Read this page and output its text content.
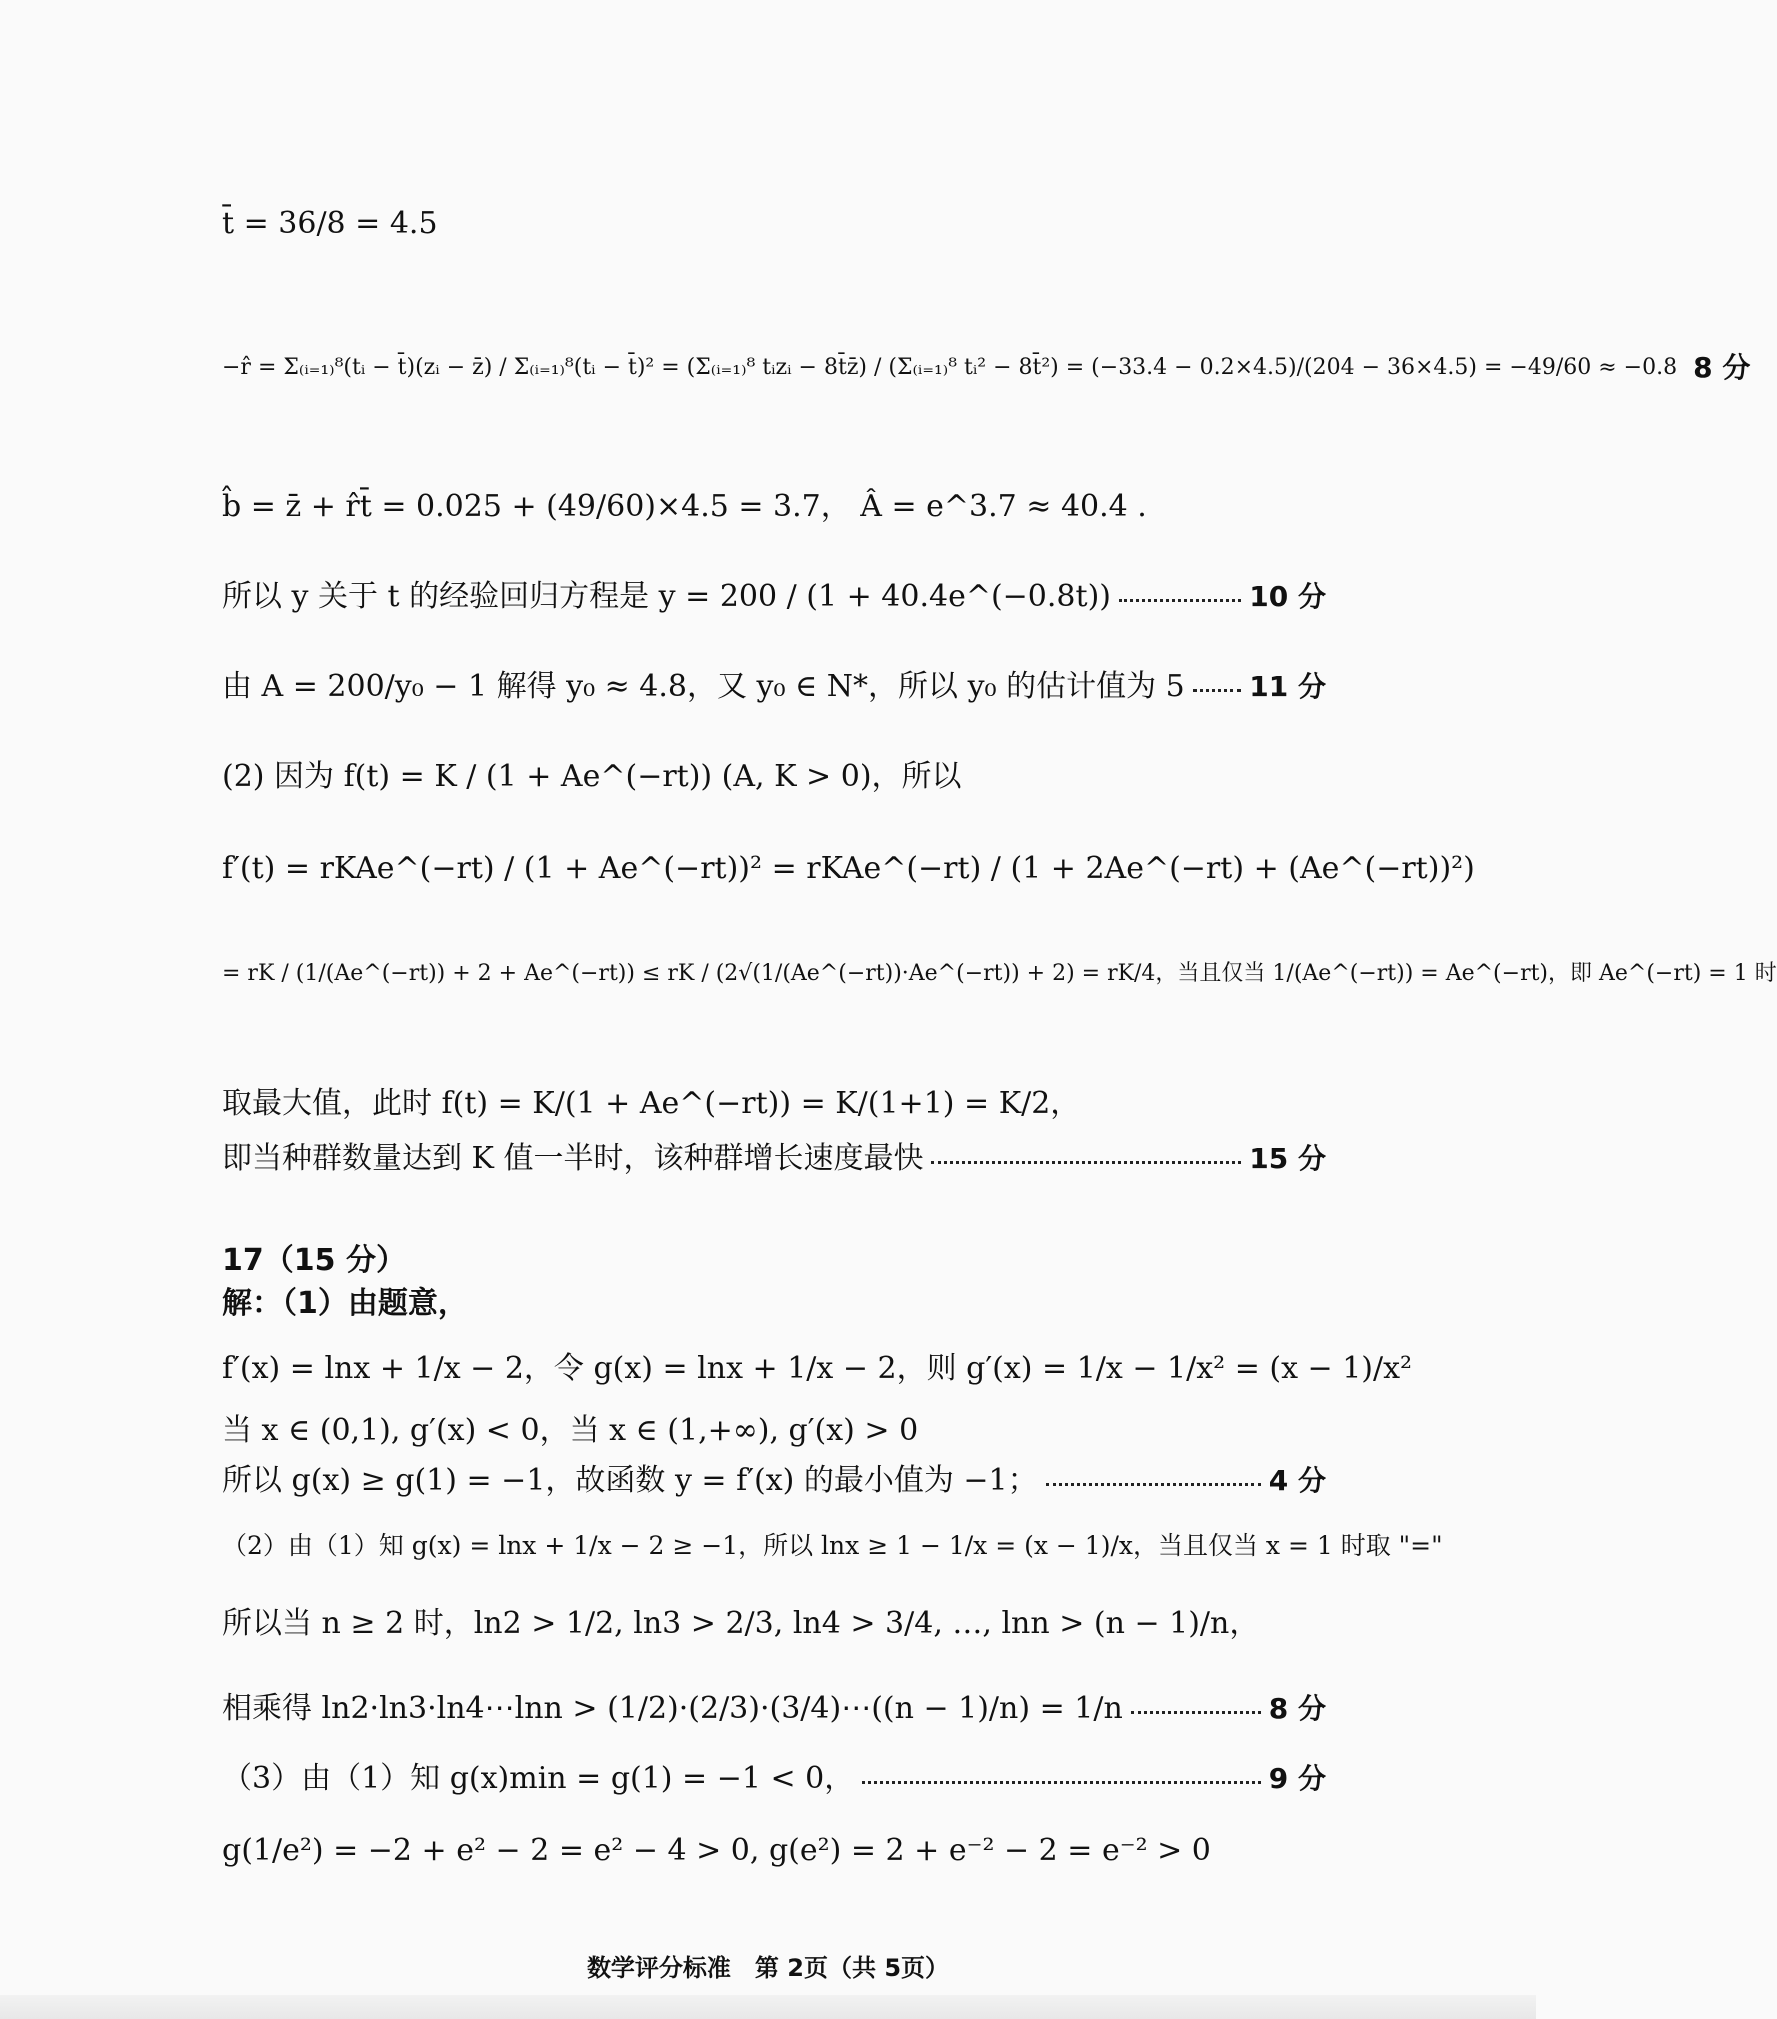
t̄ = 36/8 = 4.5
−r̂ = Σ₍ᵢ₌₁₎⁸(tᵢ − t̄)(zᵢ − z̄) / Σ₍ᵢ₌₁₎⁸(tᵢ − t̄)² = (Σ₍ᵢ₌₁₎⁸ tᵢzᵢ − 8t̄z̄) / (Σ₍ᵢ₌₁₎⁸ tᵢ² − 8t̄²) = (−33.4 − 0.2×4.5)/(204 − 36×4.5) = −49/60 ≈ −0.8 8 分
b̂ = z̄ + r̂t̄ = 0.025 + (49/60)×4.5 = 3.7， Â = e^3.7 ≈ 40.4 .
所以 y 关于 t 的经验回归方程是 y = 200 / (1 + 40.4e^(−0.8t))	10 分
由 A = 200/y₀ − 1 解得 y₀ ≈ 4.8，又 y₀ ∈ N*，所以 y₀ 的估计值为 5 11 分
(2) 因为 f(t) = K / (1 + Ae^(−rt)) (A, K > 0)，所以
f′(t) = rKAe^(−rt) / (1 + Ae^(−rt))² = rKAe^(−rt) / (1 + 2Ae^(−rt) + (Ae^(−rt))²)
= rK / (1/(Ae^(−rt)) + 2 + Ae^(−rt)) ≤ rK / (2√(1/(Ae^(−rt))·Ae^(−rt)) + 2) = rK/4，当且仅当 1/(Ae^(−rt)) = Ae^(−rt)，即 Ae^(−rt) = 1 时
取最大值，此时 f(t) = K/(1 + Ae^(−rt)) = K/(1+1) = K/2，
即当种群数量达到 K 值一半时，该种群增长速度最快	15 分
17（15 分）
解：（1）由题意，
f′(x) = lnx + 1/x − 2，令 g(x) = lnx + 1/x − 2，则 g′(x) = 1/x − 1/x² = (x − 1)/x²
当 x ∈ (0,1), g′(x) < 0，当 x ∈ (1,+∞), g′(x) > 0
所以 g(x) ≥ g(1) = −1，故函数 y = f′(x) 的最小值为 −1；	4 分
（2）由（1）知 g(x) = lnx + 1/x − 2 ≥ −1，所以 lnx ≥ 1 − 1/x = (x − 1)/x，当且仅当 x = 1 时取 "="
所以当 n ≥ 2 时，ln2 > 1/2, ln3 > 2/3, ln4 > 3/4, …, lnn > (n − 1)/n，
相乘得 ln2·ln3·ln4⋯lnn > (1/2)·(2/3)·(3/4)⋯((n − 1)/n) = 1/n	8 分
（3）由（1）知 g(x)min = g(1) = −1 < 0，	9 分
g(1/e²) = −2 + e² − 2 = e² − 4 > 0, g(e²) = 2 + e⁻² − 2 = e⁻² > 0
数学评分标准　第 2页（共 5页）
